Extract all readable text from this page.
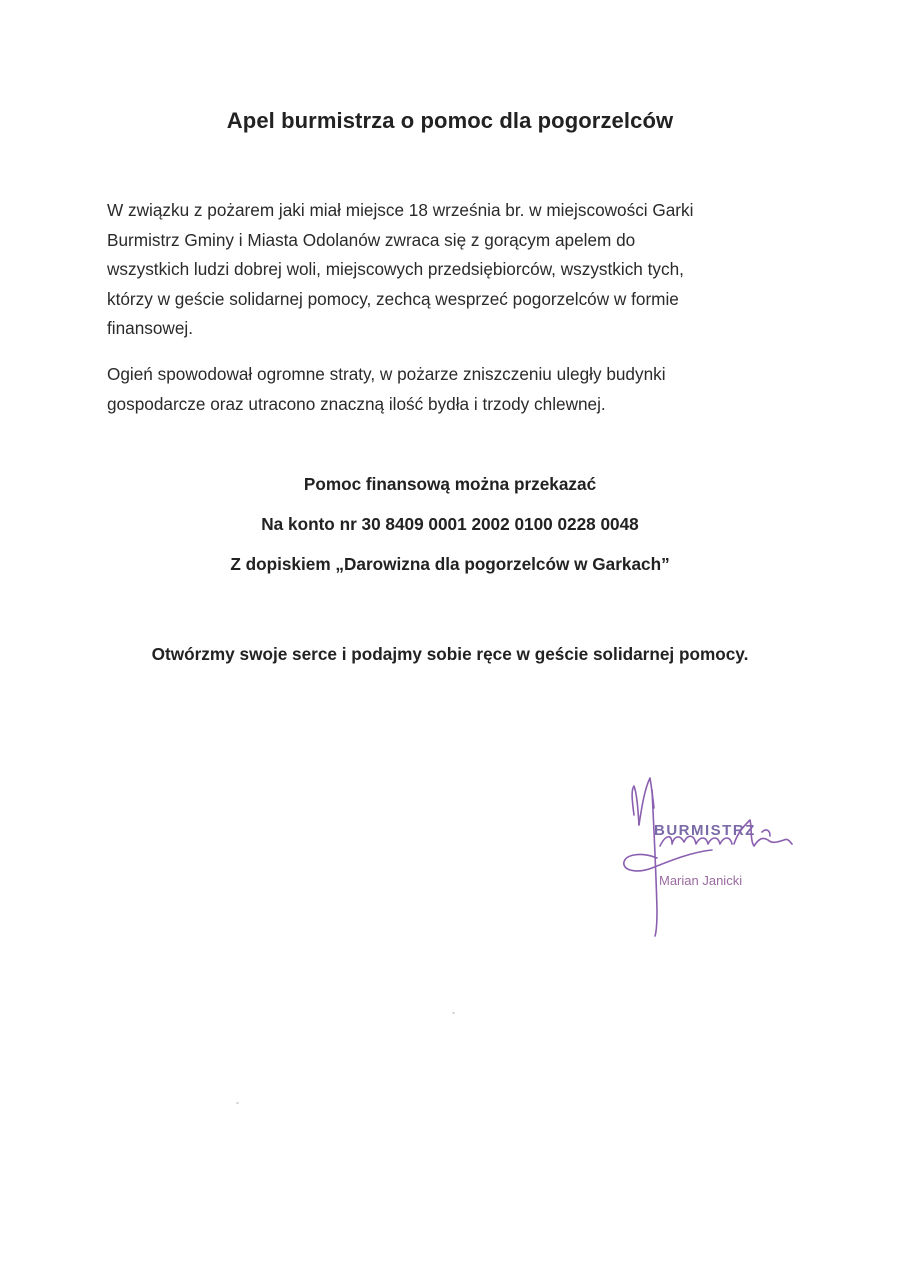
Apel burmistrza o pomoc dla pogorzelców
W związku z pożarem jaki miał miejsce 18 września br. w miejscowości Garki
Burmistrz Gminy i Miasta Odolanów zwraca się z gorącym apelem do
wszystkich ludzi dobrej woli, miejscowych przedsiębiorców, wszystkich tych,
którzy w geście solidarnej pomocy, zechcą wesprzeć pogorzelców w formie
finansowej.
Ogień spowodował ogromne straty, w pożarze zniszczeniu uległy budynki
gospodarcze oraz utracono znaczną ilość bydła i trzody chlewnej.
Pomoc finansową można przekazać
Na konto nr 30 8409 0001 2002 0100 0228 0048
Z dopiskiem „Darowizna dla pogorzelców w Garkach”
Otwórzmy swoje serce i podajmy sobie ręce w geście solidarnej pomocy.
BURMISTRZ
Marian Janicki
